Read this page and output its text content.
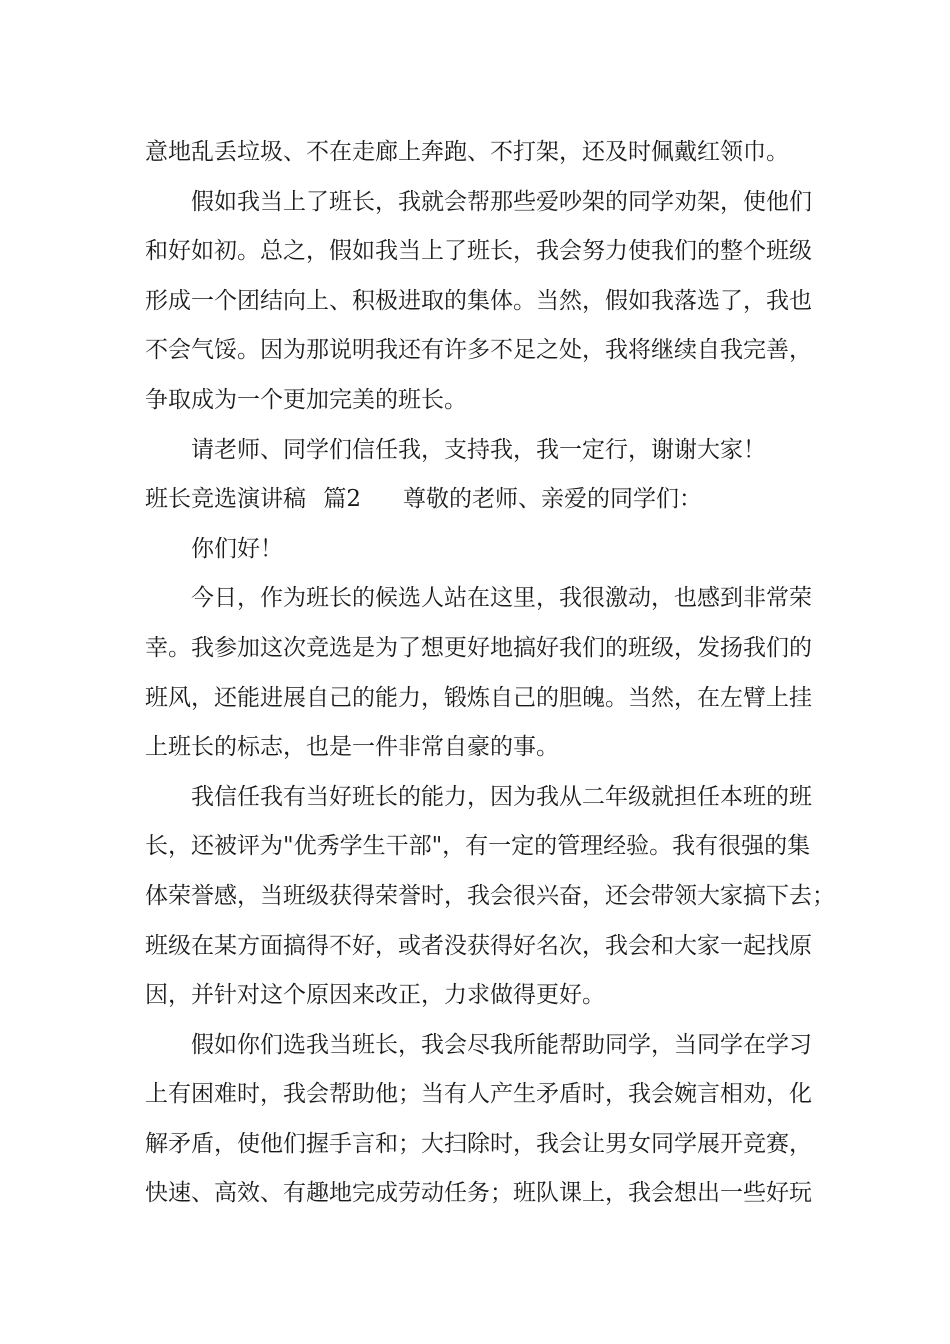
意地乱丢垃圾、不在走廊上奔跑、不打架，还及时佩戴红领巾。
假如我当上了班长，我就会帮那些爱吵架的同学劝架，使他们
和好如初。总之，假如我当上了班长，我会努力使我们的整个班级
形成一个团结向上、积极进取的集体。当然，假如我落选了，我也
不会气馁。因为那说明我还有许多不足之处，我将继续自我完善，
争取成为一个更加完美的班长。
请老师、同学们信任我，支持我，我一定行，谢谢大家！
班长竞选演讲稿 篇2 尊敬的老师、亲爱的同学们：
你们好！
今日，作为班长的候选人站在这里，我很激动，也感到非常荣
幸。我参加这次竞选是为了想更好地搞好我们的班级，发扬我们的
班风，还能进展自己的能力，锻炼自己的胆魄。当然，在左臂上挂
上班长的标志，也是一件非常自豪的事。
我信任我有当好班长的能力，因为我从二年级就担任本班的班
长，还被评为"优秀学生干部"，有一定的管理经验。我有很强的集
体荣誉感，当班级获得荣誉时，我会很兴奋，还会带领大家搞下去；
班级在某方面搞得不好，或者没获得好名次，我会和大家一起找原
因，并针对这个原因来改正，力求做得更好。
假如你们选我当班长，我会尽我所能帮助同学，当同学在学习
上有困难时，我会帮助他；当有人产生矛盾时，我会婉言相劝，化
解矛盾，使他们握手言和；大扫除时，我会让男女同学展开竞赛，
快速、高效、有趣地完成劳动任务；班队课上，我会想出一些好玩
